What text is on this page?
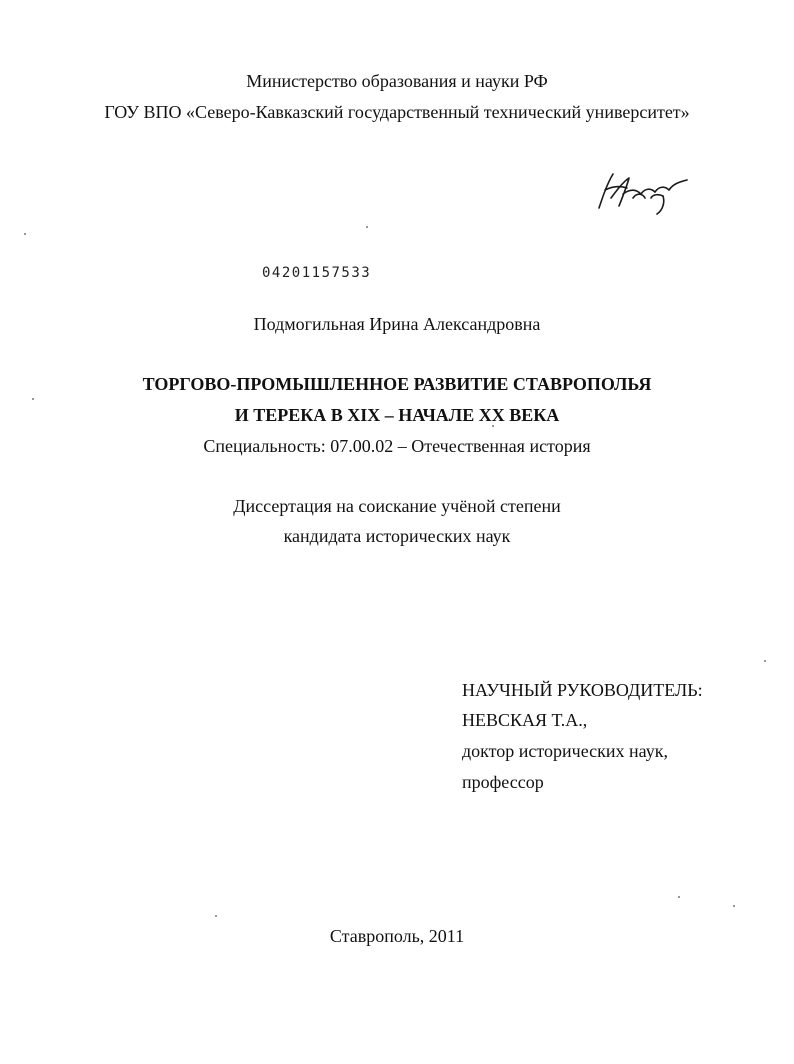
Министерство образования и науки РФ
ГОУ ВПО «Северо-Кавказский государственный технический университет»
04201157533
Подмогильная Ирина Александровна
ТОРГОВО-ПРОМЫШЛЕННОЕ РАЗВИТИЕ СТАВРОПОЛЬЯ
И ТЕРЕКА В XIX – НАЧАЛЕ XX ВЕКА
Специальность: 07.00.02 – Отечественная история
Диссертация на соискание учёной степени
кандидата исторических наук
НАУЧНЫЙ РУКОВОДИТЕЛЬ:
НЕВСКАЯ Т.А.,
доктор исторических наук,
профессор
Ставрополь, 2011
